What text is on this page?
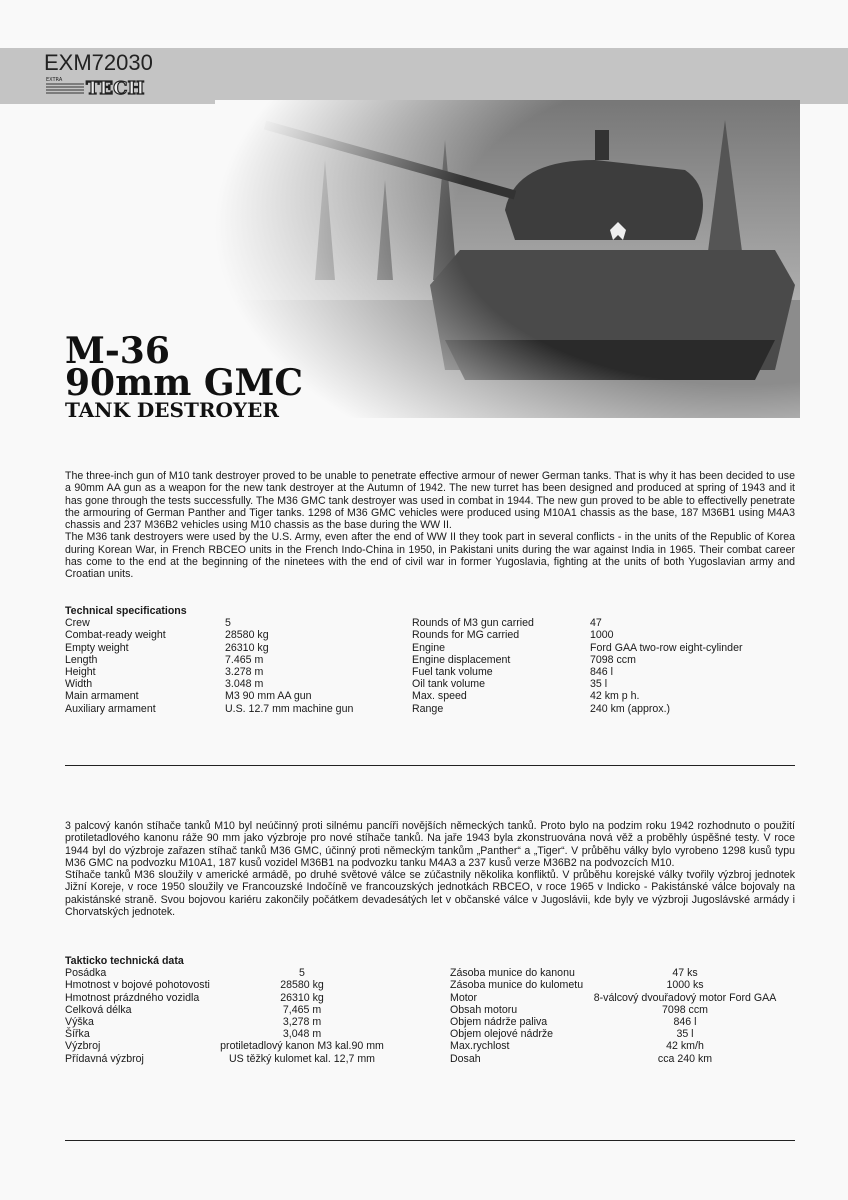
EXM72030
EXTRA TECH
M-36
90mm GMC
TANK DESTROYER

The three-inch gun of M10 tank destroyer proved to be unable to penetrate effective armour of newer German tanks. That is why it has been decided to use a 90mm AA gun as a weapon for the new tank destroyer at the Autumn of 1942. The new turret has been designed and produced at spring of 1943 and it has gone through the tests successfully. The M36 GMC tank destroyer was used in combat in 1944. The new gun proved to be able to effectivelly penetrate the armouring of German Panther and Tiger tanks. 1298 of M36 GMC vehicles were produced using M10A1 chassis as the base, 187 M36B1 using M4A3 chassis and 237 M36B2 vehicles using M10 chassis as the base during the WW II.

The M36 tank destroyers were used by the U.S. Army, even after the end of WW II they took part in several conflicts - in the units of the Republic of Korea during Korean War, in French RBCEO units in the French Indo-China in 1950, in Pakistani units during the war against India in 1965. Their combat career has come to the end at the beginning of the ninetees with the end of civil war in former Yugoslavia, fighting at the units of both Yugoslavian army and Croatian units.

Technical specifications
Crew	5	Rounds of M3 gun carried	47
Combat-ready weight	28580 kg	Rounds for MG carried	1000
Empty weight	26310 kg	Engine	Ford GAA two-row eight-cylinder
Length	7.465 m	Engine displacement	7098 ccm
Height	3.278 m	Fuel tank volume	846 l
Width	3.048 m	Oil tank volume	35 l
Main armament	M3 90 mm AA gun	Max. speed	42 km p h.
Auxiliary armament	U.S. 12.7 mm machine gun	Range	240 km (approx.)

3 palcový kanón stíhače tanků M10 byl neúčinný proti silnému pancíři novějších německých tanků. Proto bylo na podzim roku 1942 rozhodnuto o použití protiletadlového kanonu ráže 90 mm jako výzbroje pro nové stíhače tanků. Na jaře 1943 byla zkonstruována nová věž a proběhly úspěšné testy. V roce 1944 byl do výzbroje zařazen stíhač tanků M36 GMC, účinný proti německým tankům „Panther“ a „Tiger“. V průběhu války bylo vyrobeno 1298 kusů typu M36 GMC na podvozku M10A1, 187 kusů vozidel M36B1 na podvozku tanku M4A3 a 237 kusů verze M36B2 na podvozcích M10.

Stíhače tanků M36 sloužily v americké armádě, po druhé světové válce se zúčastnily několika konfliktů. V průběhu korejské války tvořily výzbroj jednotek Jižní Koreje, v roce 1950 sloužily ve Francouzské Indočíně ve francouzských jednotkách RBCEO, v roce 1965 v Indicko - Pakistánské válce bojovaly na pakistánské straně. Svou bojovou kariéru zakončily počátkem devadesátých let v občanské válce v Jugoslávii, kde byly ve výzbroji Jugoslávské armády i Chorvatských jednotek.

Takticko technická data
Posádka	5	Zásoba munice do kanonu	47 ks
Hmotnost v bojové pohotovosti	28580 kg	Zásoba munice do kulometu	1000 ks
Hmotnost prázdného vozidla	26310 kg	Motor	8-válcový dvouřadový motor Ford GAA
Celková délka	7,465 m	Obsah motoru	7098 ccm
Výška	3,278 m	Objem nádrže paliva	846 l
Šířka	3,048 m	Objem olejové nádrže	35 l
Výzbroj	protiletadlový kanon M3 kal.90 mm	Max.rychlost	42 km/h
Přídavná výzbroj	US těžký kulomet kal. 12,7 mm	Dosah	cca 240 km
